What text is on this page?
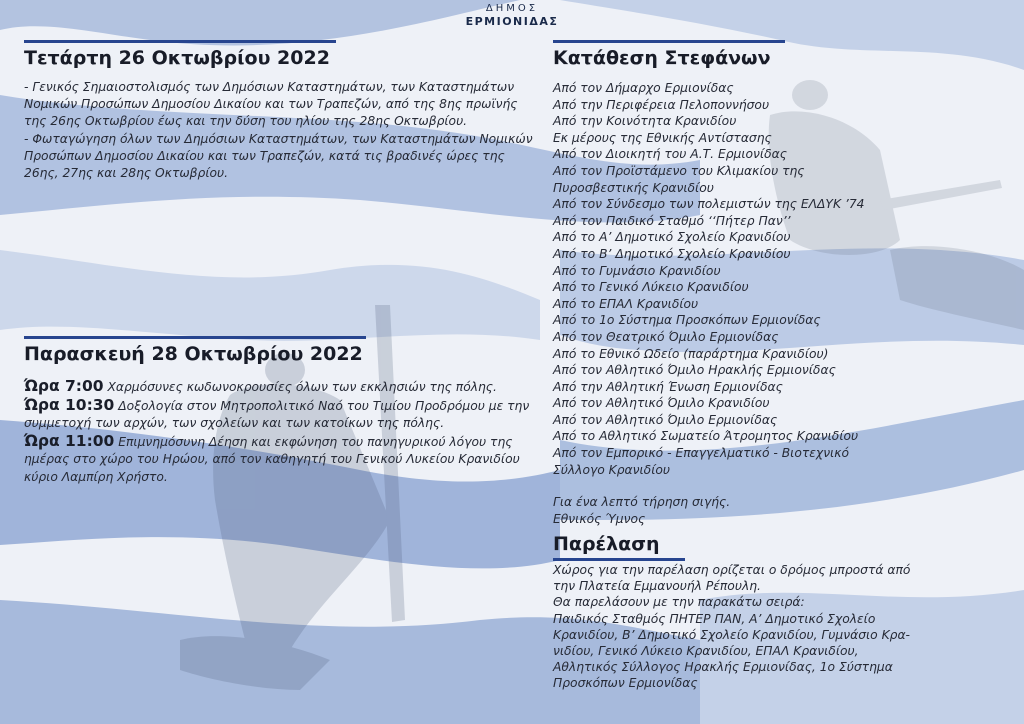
ΔΗΜΟΣ
ΕΡΜΙΟΝΙΔΑΣ
Τετάρτη 26 Οκτωβρίου 2022

- Γενικός Σημαιοστολισμός των Δημόσιων Καταστημάτων, των Καταστημάτων Νομικών Προσώπων Δημοσίου Δικαίου και των Τραπεζών, από της 8ης πρωϊνής της 26ης Οκτωβρίου έως και την δύση του ηλίου της 28ης Οκτωβρίου.

- Φωταγώγηση όλων των Δημόσιων Καταστημάτων, των Καταστημάτων Νομικών Προσώπων Δημοσίου Δικαίου και των Τραπεζών, κατά τις βραδινές ώρες της 26ης, 27ης και 28ης Οκτωβρίου.

Παρασκευή 28 Οκτωβρίου 2022

Ώρα 7:00 Χαρμόσυνες κωδωνοκρουσίες όλων των εκκλησιών της πόλης.

Ώρα 10:30 Δοξολογία στον Μητροπολιτικό Ναό του Τιμίου Προδρόμου με την συμμετοχή των αρχών, των σχολείων και των κατοίκων της πόλης.

Ώρα 11:00 Επιμνημόσυνη Δέηση και εκφώνηση του πανηγυρικού λόγου της ημέρας στο χώρο του Ηρώου, από τον καθηγητή του Γενικού Λυκείου Κρανιδίου κύριο Λαμπίρη Χρήστο.

Κατάθεση Στεφάνων
Από τον Δήμαρχο Ερμιονίδας
Από την Περιφέρεια Πελοποννήσου
Από την Κοινότητα Κρανιδίου
Εκ μέρους της Εθνικής Αντίστασης
Από τον Διοικητή του Α.Τ. Ερμιονίδας
Από τον Προϊστάμενο του Κλιμακίου της
Πυροσβεστικής Κρανιδίου
Από τον Σύνδεσμο των πολεμιστών της ΕΛΔΥΚ ’74
Από τον Παιδικό Σταθμό ‘‘Πήτερ Παν’’
Από το Α’ Δημοτικό Σχολείο Κρανιδίου
Από το Β’ Δημοτικό Σχολείο Κρανιδίου
Από το Γυμνάσιο Κρανιδίου
Από το Γενικό Λύκειο Κρανιδίου
Από το ΕΠΑΛ Κρανιδίου
Από το 1ο Σύστημα Προσκόπων Ερμιονίδας
Από τον Θεατρικό Όμιλο Ερμιονίδας
Από το Εθνικό Ωδείο (παράρτημα Κρανιδίου)
Από τον Αθλητικό Όμιλο Ηρακλής Ερμιονίδας
Από την Αθλητική Ένωση Ερμιονίδας
Από τον Αθλητικό Όμιλο Κρανιδίου
Από τον Αθλητικό Όμιλο Ερμιονίδας
Από το Αθλητικό Σωματείο Άτρομητος Κρανιδίου
Από τον Εμπορικό - Επαγγελματικό - Βιοτεχνικό
Σύλλογο Κρανιδίου
Για ένα λεπτό τήρηση σιγής.
Εθνικός Ύμνος
Παρέλαση
Χώρος για την παρέλαση ορίζεται ο δρόμος μπροστά από
την Πλατεία Εμμανουήλ Ρέπουλη.
Θα παρελάσουν με την παρακάτω σειρά:
Παιδικός Σταθμός ΠΗΤΕΡ ΠΑΝ, Α’ Δημοτικό Σχολείο
Κρανιδίου, Β’ Δημοτικό Σχολείο Κρανιδίου, Γυμνάσιο Κρα-
νιδίου, Γενικό Λύκειο Κρανιδίου, ΕΠΑΛ Κρανιδίου,
Αθλητικός Σύλλογος Ηρακλής Ερμιονίδας, 1ο Σύστημα
Προσκόπων Ερμιονίδας
